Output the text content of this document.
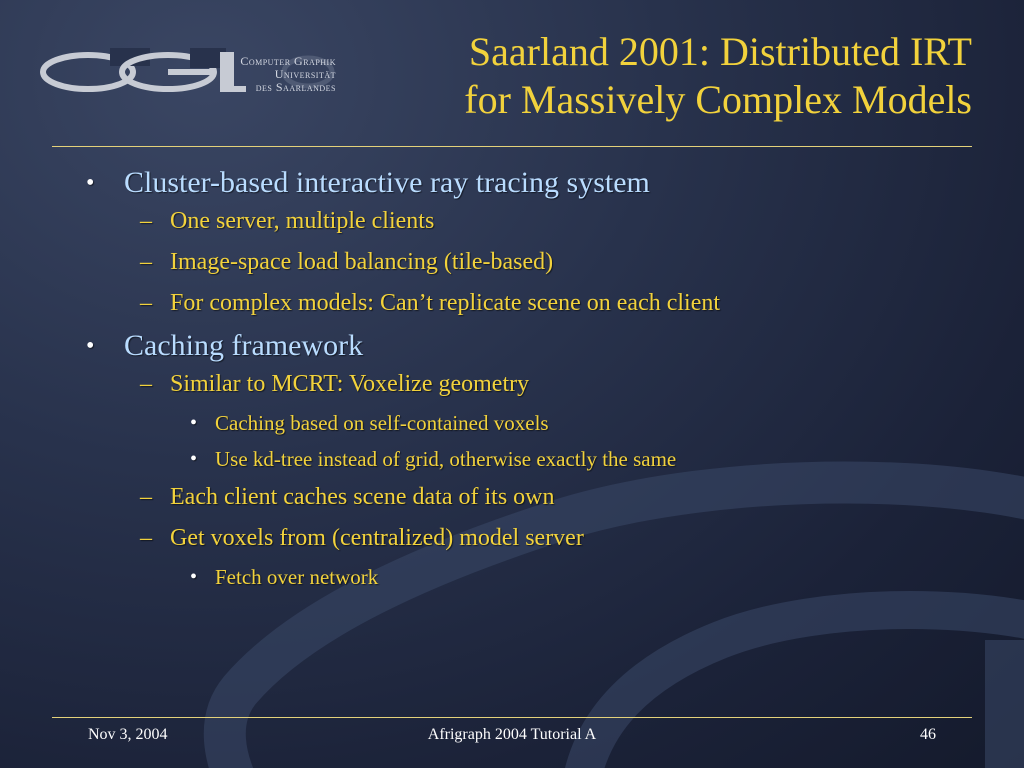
Computer Graphik
Universität
des Saarlandes
Saarland 2001: Distributed IRT
for Massively Complex Models
• Cluster-based interactive ray tracing system
– One server, multiple clients
– Image-space load balancing (tile-based)
– For complex models: Can’t replicate scene on each client
• Caching framework
– Similar to MCRT: Voxelize geometry
• Caching based on self-contained voxels
• Use kd-tree instead of grid, otherwise exactly the same
– Each client caches scene data of its own
– Get voxels from (centralized) model server
• Fetch over network
Nov 3, 2004	Afrigraph 2004 Tutorial A	46
